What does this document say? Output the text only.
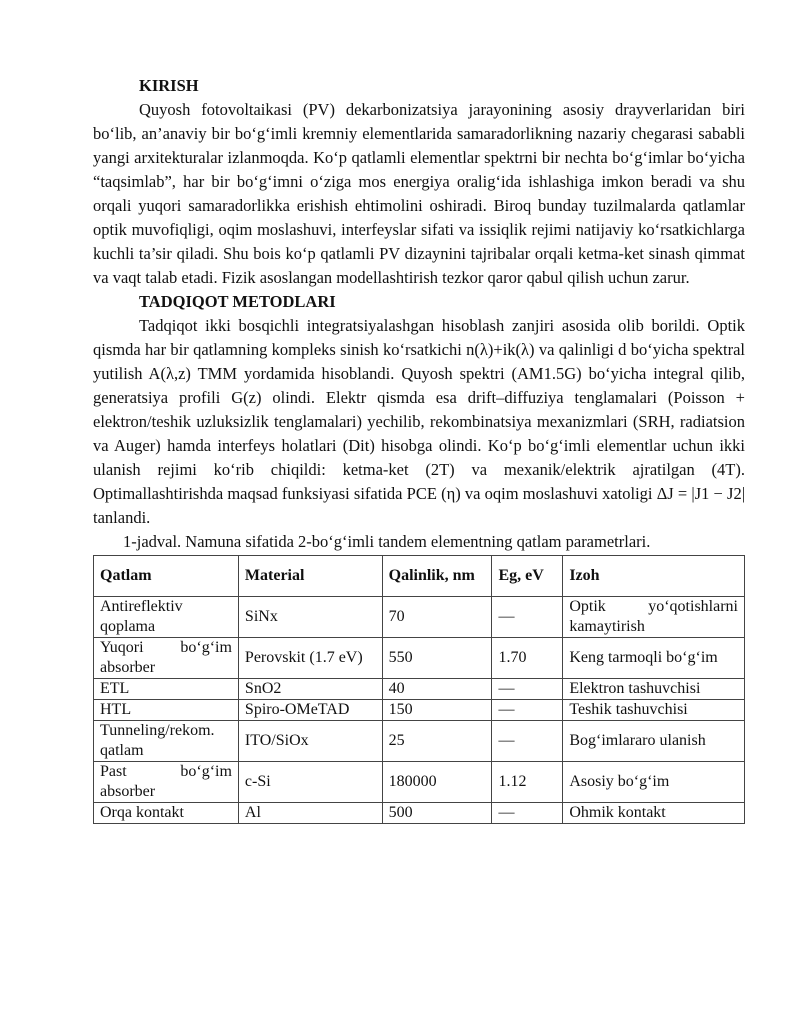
KIRISH

Quyosh fotovoltaikasi (PV) dekarbonizatsiya jarayonining asosiy drayverlaridan biri bo‘lib, an’anaviy bir bo‘g‘imli kremniy elementlarida samaradorlikning nazariy chegarasi sababli yangi arxitekturalar izlanmoqda. Ko‘p qatlamli elementlar spektrni bir nechta bo‘g‘imlar bo‘yicha “taqsimlab”, har bir bo‘g‘imni o‘ziga mos energiya oralig‘ida ishlashiga imkon beradi va shu orqali yuqori samaradorlikka erishish ehtimolini oshiradi. Biroq bunday tuzilmalarda qatlamlar optik muvofiqligi, oqim moslashuvi, interfeyslar sifati va issiqlik rejimi natijaviy ko‘rsatkichlarga kuchli ta’sir qiladi. Shu bois ko‘p qatlamli PV dizaynini tajribalar orqali ketma-ket sinash qimmat va vaqt talab etadi. Fizik asoslangan modellashtirish tezkor qaror qabul qilish uchun zarur.

TADQIQOT METODLARI

Tadqiqot ikki bosqichli integratsiyalashgan hisoblash zanjiri asosida olib borildi. Optik qismda har bir qatlamning kompleks sinish ko‘rsatkichi n(λ)+ik(λ) va qalinligi d bo‘yicha spektral yutilish A(λ,z) TMM yordamida hisoblandi. Quyosh spektri (AM1.5G) bo‘yicha integral qilib, generatsiya profili G(z) olindi. Elektr qismda esa drift–diffuziya tenglamalari (Poisson + elektron/teshik uzluksizlik tenglamalari) yechilib, rekombinatsiya mexanizmlari (SRH, radiatsion va Auger) hamda interfeys holatlari (Dit) hisobga olindi. Ko‘p bo‘g‘imli elementlar uchun ikki ulanish rejimi ko‘rib chiqildi: ketma-ket (2T) va mexanik/elektrik ajratilgan (4T). Optimallashtirishda maqsad funksiyasi sifatida PCE (η) va oqim moslashuvi xatoligi ΔJ = |J1 − J2| tanlandi.

1-jadval. Namuna sifatida 2-bo‘g‘imli tandem elementning qatlam parametrlari.

Qatlam	Material	Qalinlik, nm	Eg, eV	Izoh
Antireflektiv qoplama	SiNx	70	—	Optik yo‘qotishlarni kamaytirish
Yuqori bo‘g‘im absorber	Perovskit (1.7 eV)	550	1.70	Keng tarmoqli bo‘g‘im
ETL	SnO2	40	—	Elektron tashuvchisi
HTL	Spiro-OMeTAD	150	—	Teshik tashuvchisi
Tunneling/rekom. qatlam	ITO/SiOx	25	—	Bog‘imlararo ulanish
Past bo‘g‘im absorber	c-Si	180000	1.12	Asosiy bo‘g‘im
Orqa kontakt	Al	500	—	Ohmik kontakt
